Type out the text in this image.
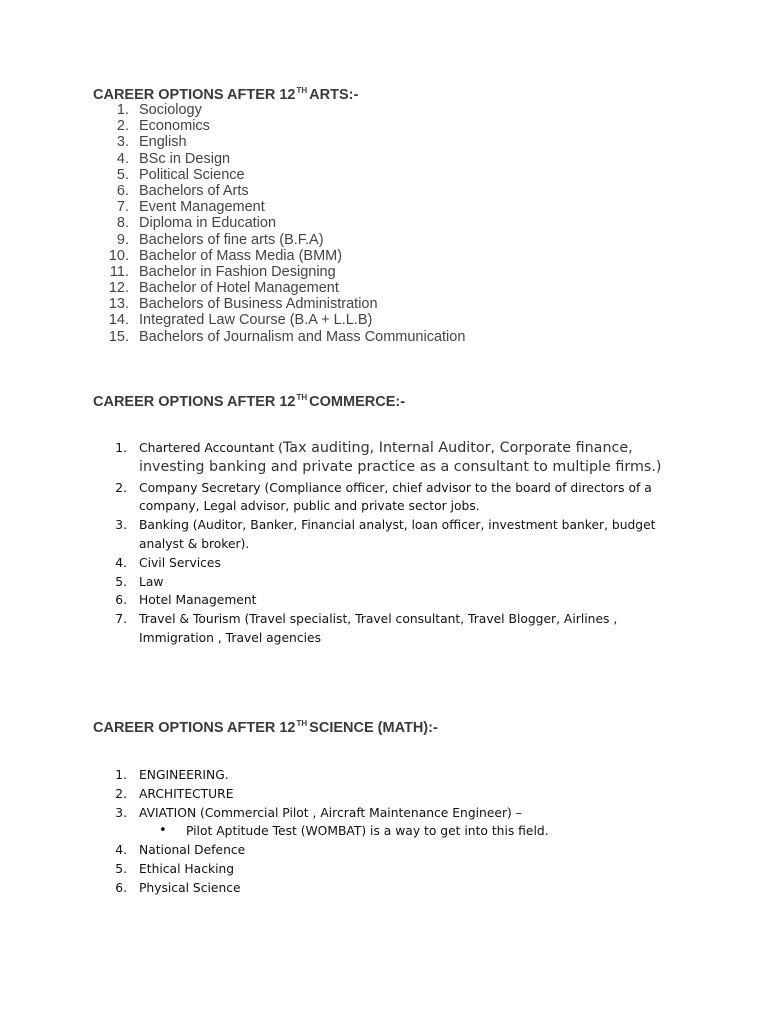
CAREER OPTIONS AFTER 12TH ARTS:-
1. Sociology
2. Economics
3. English
4. BSc in Design
5. Political Science
6. Bachelors of Arts
7. Event Management
8. Diploma in Education
9. Bachelors of fine arts (B.F.A)
10. Bachelor of Mass Media (BMM)
11. Bachelor in Fashion Designing
12. Bachelor of Hotel Management
13. Bachelors of Business Administration
14. Integrated Law Course (B.A + L.L.B)
15. Bachelors of Journalism and Mass Communication
CAREER OPTIONS AFTER 12TH COMMERCE:-
1. Chartered Accountant (Tax auditing, Internal Auditor, Corporate finance, investing banking and private practice as a consultant to multiple firms.)
2. Company Secretary (Compliance officer, chief advisor to the board of directors of a company, Legal advisor, public and private sector jobs.
3. Banking (Auditor, Banker, Financial analyst, loan officer, investment banker, budget analyst & broker).
4. Civil Services
5. Law
6. Hotel Management
7. Travel & Tourism (Travel specialist, Travel consultant, Travel Blogger, Airlines , Immigration , Travel agencies
CAREER OPTIONS AFTER 12TH SCIENCE (MATH):-
1. ENGINEERING.
2. ARCHITECTURE
3. AVIATION (Commercial Pilot , Aircraft Maintenance Engineer) –
• Pilot Aptitude Test (WOMBAT) is a way to get into this field.
4. National Defence
5. Ethical Hacking
6. Physical Science
